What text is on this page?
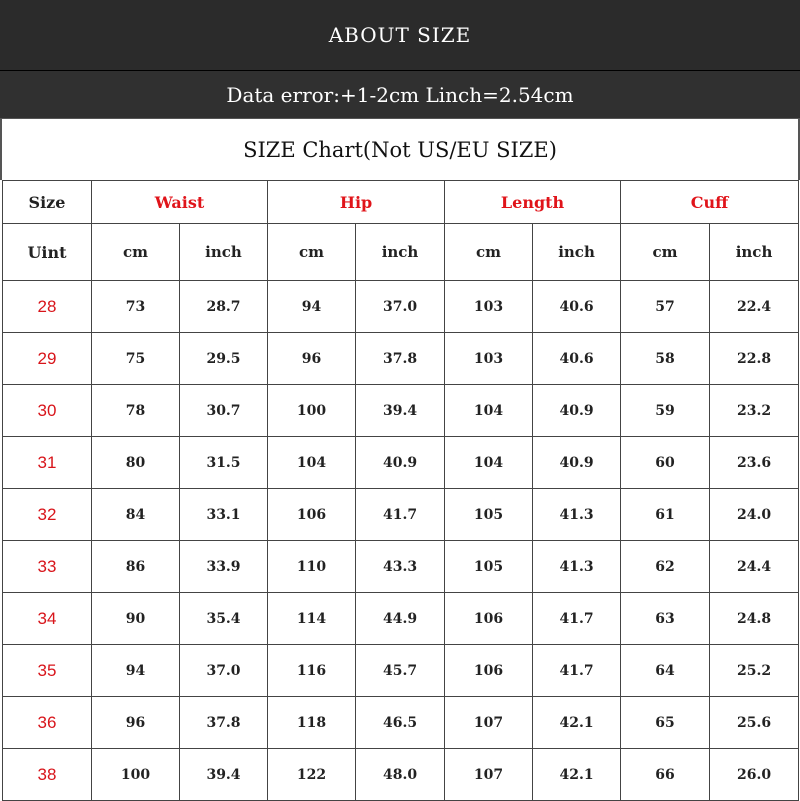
ABOUT SIZE
Data error:+1-2cm Linch=2.54cm
SIZE Chart(Not US/EU SIZE)
Size	Waist		Hip		Length		Cuff	
Uint	cm	inch	cm	inch	cm	inch	cm	inch
28	73	28.7	94	37.0	103	40.6	57	22.4
29	75	29.5	96	37.8	103	40.6	58	22.8
30	78	30.7	100	39.4	104	40.9	59	23.2
31	80	31.5	104	40.9	104	40.9	60	23.6
32	84	33.1	106	41.7	105	41.3	61	24.0
33	86	33.9	110	43.3	105	41.3	62	24.4
34	90	35.4	114	44.9	106	41.7	63	24.8
35	94	37.0	116	45.7	106	41.7	64	25.2
36	96	37.8	118	46.5	107	42.1	65	25.6
38	100	39.4	122	48.0	107	42.1	66	26.0
